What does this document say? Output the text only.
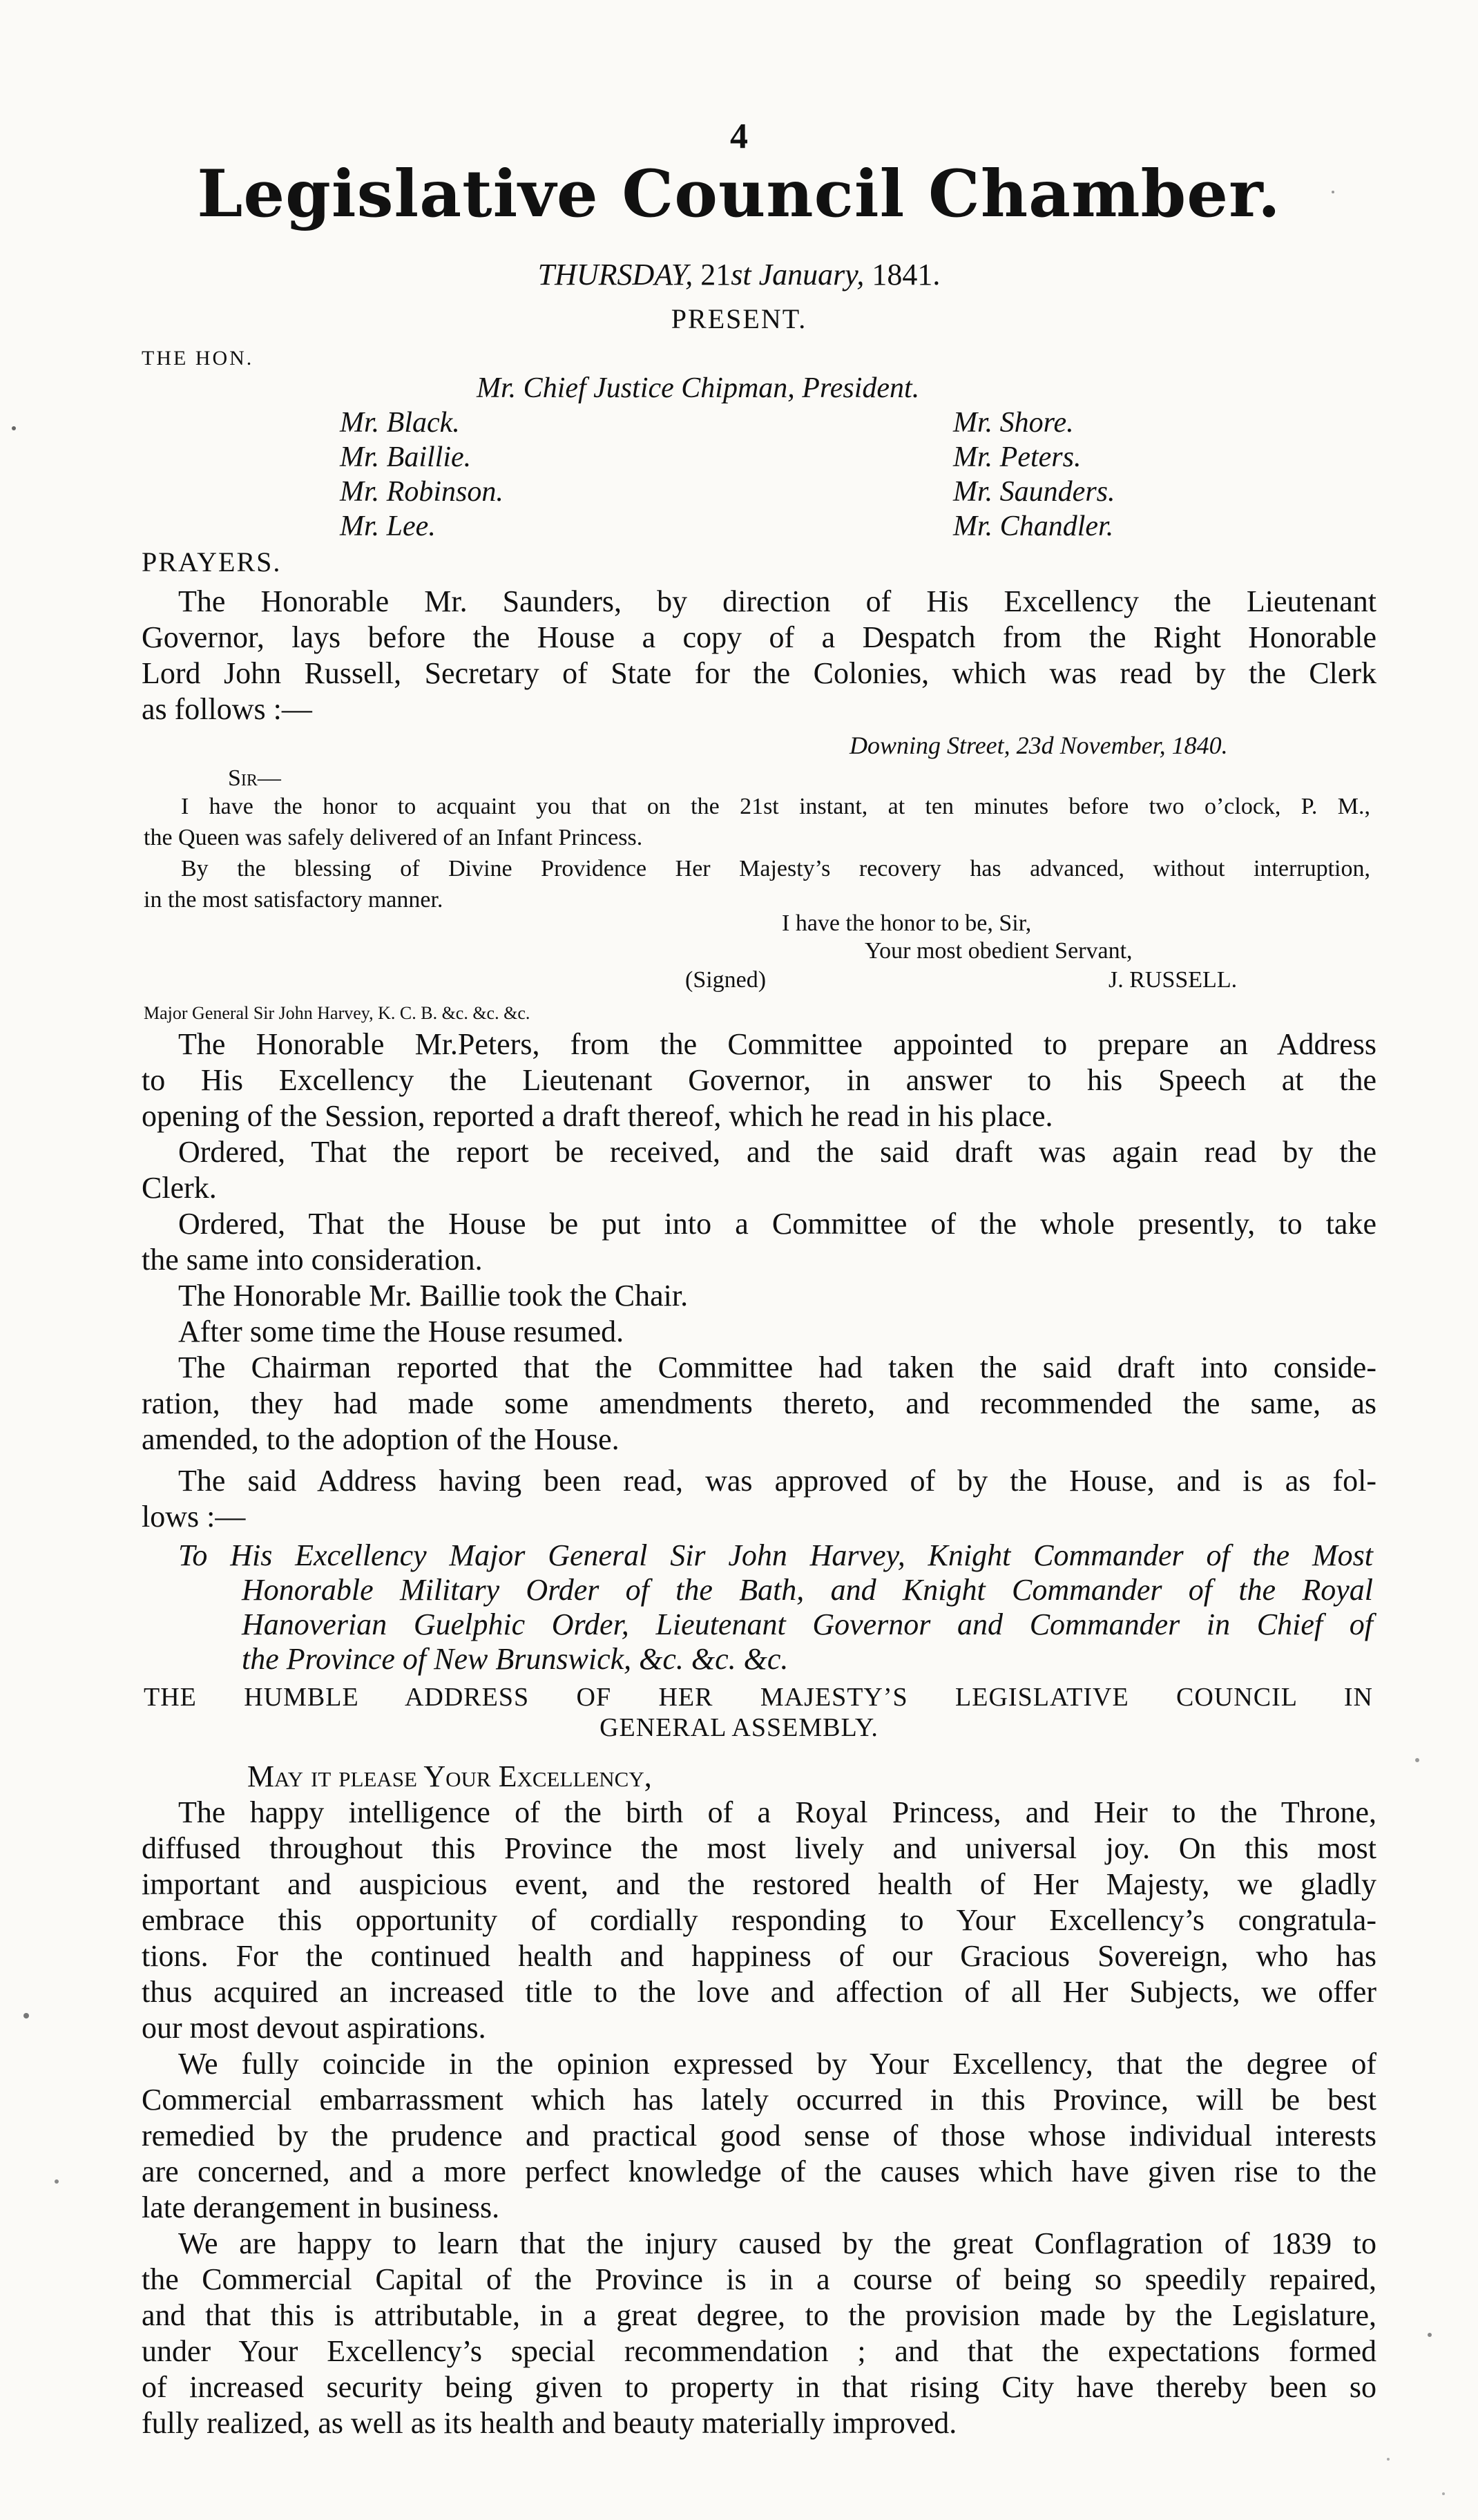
4
Legislative Council Chamber.
THURSDAY, 21st January, 1841.
PRESENT.
THE HON.
Mr. Chief Justice Chipman, President.
Mr. Black.
Mr. Baillie.
Mr. Robinson.
Mr. Lee.
Mr. Shore.
Mr. Peters.
Mr. Saunders.
Mr. Chandler.
PRAYERS.
The Honorable Mr. Saunders, by direction of His Excellency the Lieutenant
Governor, lays before the House a copy of a Despatch from the Right Honorable
Lord John Russell, Secretary of State for the Colonies, which was read by the Clerk
as follows :—
Downing Street, 23d November, 1840.
Sir—
I have the honor to acquaint you that on the 21st instant, at ten minutes before two o’clock, P. M.,
the Queen was safely delivered of an Infant Princess.
By the blessing of Divine Providence Her Majesty’s recovery has advanced, without interruption,
in the most satisfactory manner.
I have the honor to be, Sir,
Your most obedient Servant,
(Signed)	J. RUSSELL.
Major General Sir John Harvey, K. C. B. &c. &c. &c.
The Honorable Mr.Peters, from the Committee appointed to prepare an Address
to His Excellency the Lieutenant Governor, in answer to his Speech at the
opening of the Session, reported a draft thereof, which he read in his place.
Ordered, That the report be received, and the said draft was again read by the
Clerk.
Ordered, That the House be put into a Committee of the whole presently, to take
the same into consideration.
The Honorable Mr. Baillie took the Chair.
After some time the House resumed.
The Chairman reported that the Committee had taken the said draft into conside-
ration, they had made some amendments thereto, and recommended the same, as
amended, to the adoption of the House.
The said Address having been read, was approved of by the House, and is as fol-
lows :—
To His Excellency Major General Sir John Harvey, Knight Commander of the Most
Honorable Military Order of the Bath, and Knight Commander of the Royal
Hanoverian Guelphic Order, Lieutenant Governor and Commander in Chief of
the Province of New Brunswick, &c. &c. &c.
THE HUMBLE ADDRESS OF HER MAJESTY’S LEGISLATIVE COUNCIL IN
GENERAL ASSEMBLY.
May it please Your Excellency,
The happy intelligence of the birth of a Royal Princess, and Heir to the Throne,
diffused throughout this Province the most lively and universal joy. On this most
important and auspicious event, and the restored health of Her Majesty, we gladly
embrace this opportunity of cordially responding to Your Excellency’s congratula-
tions. For the continued health and happiness of our Gracious Sovereign, who has
thus acquired an increased title to the love and affection of all Her Subjects, we offer
our most devout aspirations.
We fully coincide in the opinion expressed by Your Excellency, that the degree of
Commercial embarrassment which has lately occurred in this Province, will be best
remedied by the prudence and practical good sense of those whose individual interests
are concerned, and a more perfect knowledge of the causes which have given rise to the
late derangement in business.
We are happy to learn that the injury caused by the great Conflagration of 1839 to
the Commercial Capital of the Province is in a course of being so speedily repaired,
and that this is attributable, in a great degree, to the provision made by the Legislature,
under Your Excellency’s special recommendation ; and that the expectations formed
of increased security being given to property in that rising City have thereby been so
fully realized, as well as its health and beauty materially improved.
